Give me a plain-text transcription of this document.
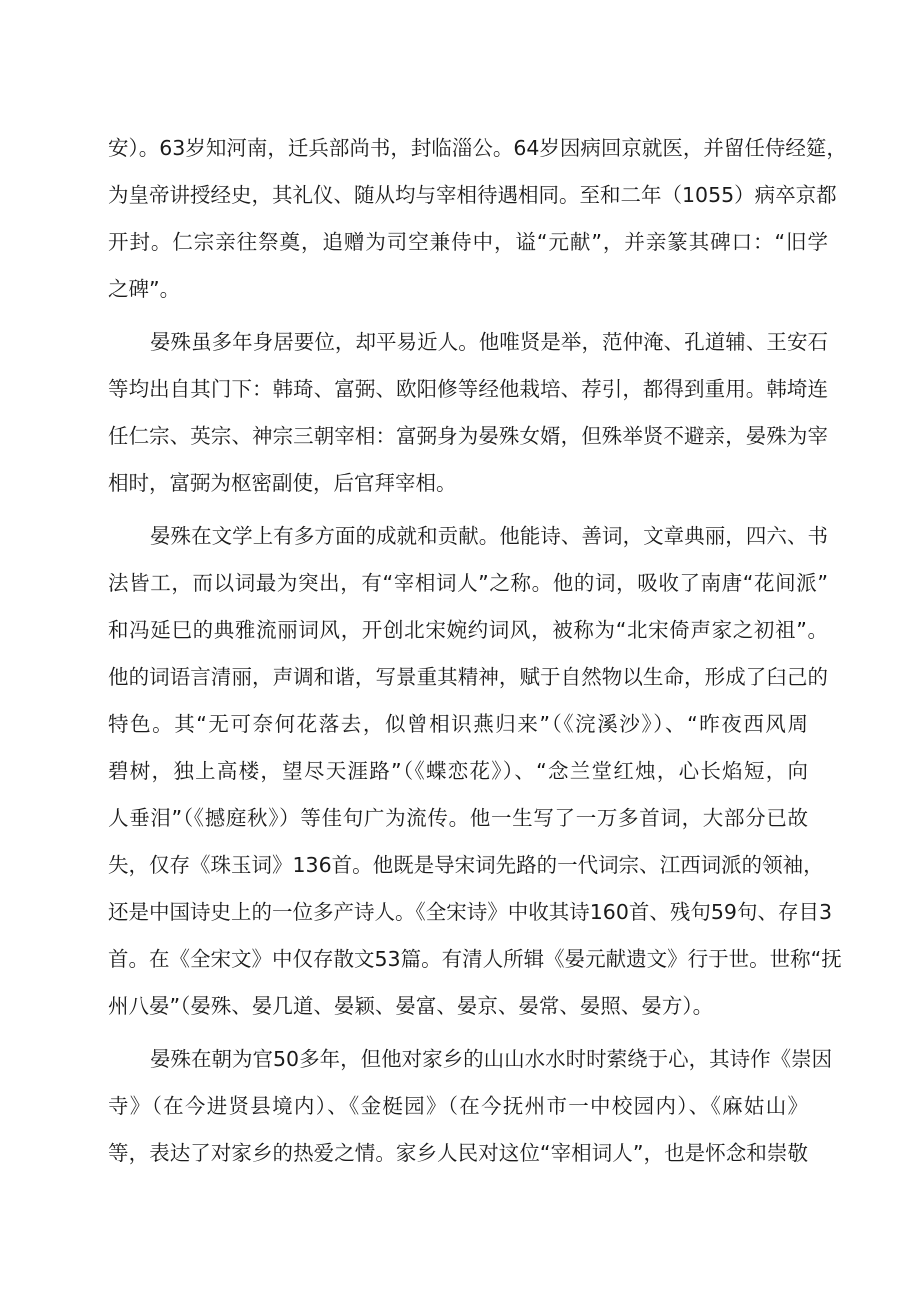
安）。63岁知河南，迁兵部尚书，封临淄公。64岁因病回京就医，并留任侍经筵，
为皇帝讲授经史，其礼仪、随从均与宰相待遇相同。至和二年（1055）病卒京都
开封。仁宗亲往祭奠，追赠为司空兼侍中，谥“元献”，并亲篆其碑口：“旧学
之碑”。
晏殊虽多年身居要位，却平易近人。他唯贤是举，范仲淹、孔道辅、王安石
等均出自其门下：韩琦、富弼、欧阳修等经他栽培、荐引，都得到重用。韩埼连
任仁宗、英宗、神宗三朝宰相：富弼身为晏殊女婿，但殊举贤不避亲，晏殊为宰
相时，富弼为枢密副使，后官拜宰相。
晏殊在文学上有多方面的成就和贡献。他能诗、善词，文章典丽，四六、书
法皆工，而以词最为突出，有“宰相词人”之称。他的词，吸收了南唐“花间派”
和冯延巳的典雅流丽词风，开创北宋婉约词风，被称为“北宋倚声家之初祖”。
他的词语言清丽，声调和谐，写景重其精神，赋于自然物以生命，形成了臼己的
特色。其“无可奈何花落去，似曾相识燕归来”（《浣溪沙》）、“昨夜西风周
碧树，独上高楼，望尽天涯路”（《蝶恋花》）、“念兰堂红烛，心长焰短，向
人垂泪”（《撼庭秋》）等佳句广为流传。他一生写了一万多首词，大部分已故
失，仅存《珠玉词》136首。他既是导宋词先路的一代词宗、江西词派的领袖，
还是中国诗史上的一位多产诗人。《全宋诗》中收其诗160首、残句59句、存目3
首。在《全宋文》中仅存散文53篇。有清人所辑《晏元献遗文》行于世。世称“抚
州八晏”（晏殊、晏几道、晏颖、晏富、晏京、晏常、晏照、晏方）。
晏殊在朝为官50多年，但他对家乡的山山水水时时萦绕于心，其诗作《崇因
寺》（在今进贤县境内）、《金梃园》（在今抚州市一中校园内）、《麻姑山》
等，表达了对家乡的热爱之情。家乡人民对这位“宰相词人”，也是怀念和崇敬
